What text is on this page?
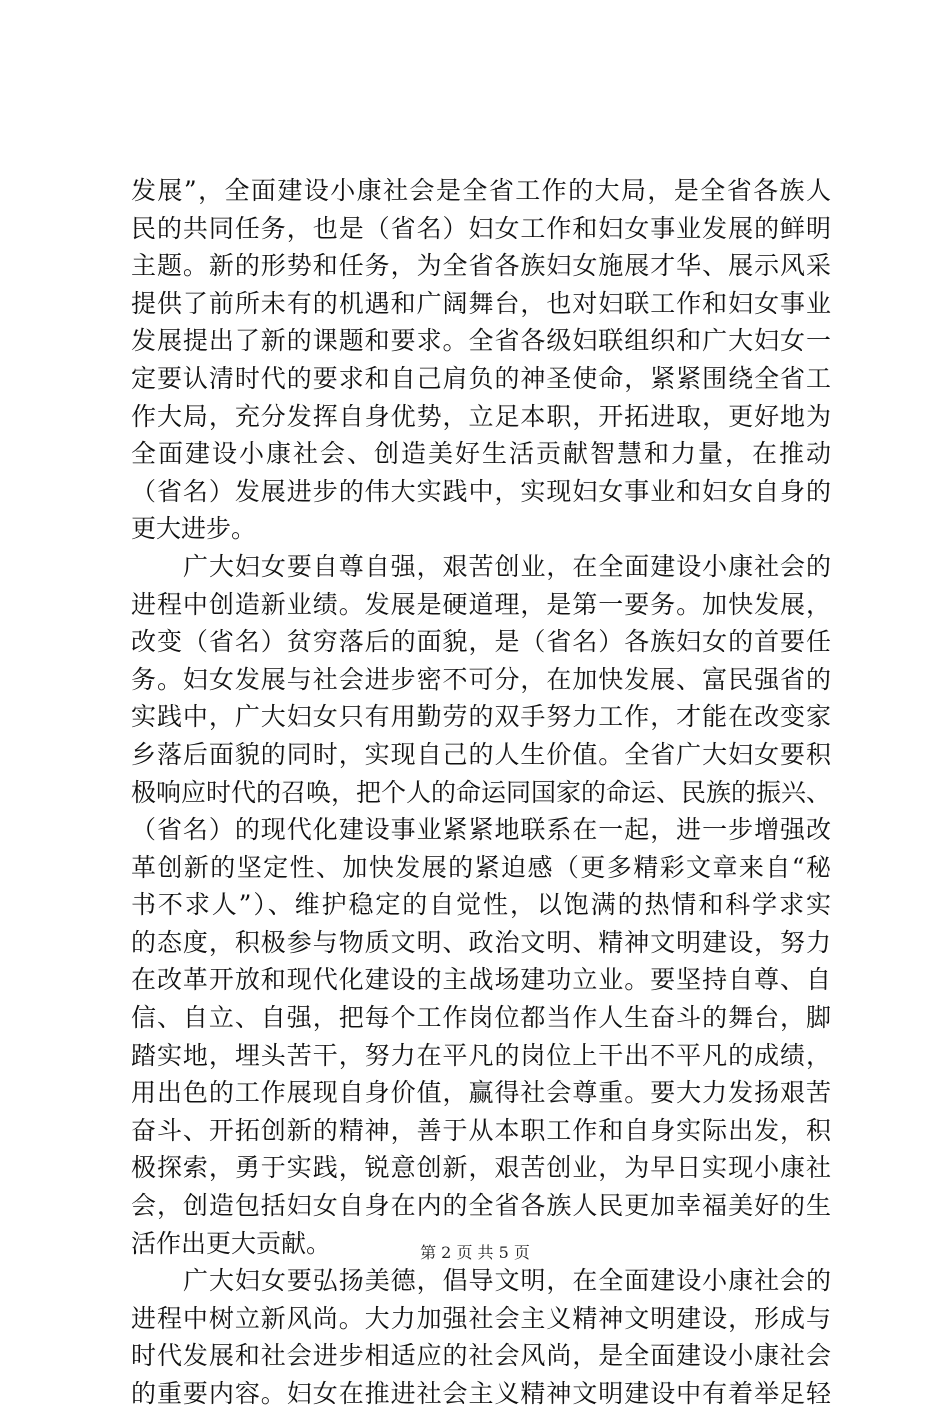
发展”，全面建设小康社会是全省工作的大局，是全省各族人
民的共同任务，也是（省名）妇女工作和妇女事业发展的鲜明
主题。新的形势和任务，为全省各族妇女施展才华、展示风采
提供了前所未有的机遇和广阔舞台，也对妇联工作和妇女事业
发展提出了新的课题和要求。全省各级妇联组织和广大妇女一
定要认清时代的要求和自己肩负的神圣使命，紧紧围绕全省工
作大局，充分发挥自身优势，立足本职，开拓进取，更好地为
全面建设小康社会、创造美好生活贡献智慧和力量，在推动
（省名）发展进步的伟大实践中，实现妇女事业和妇女自身的
更大进步。
广大妇女要自尊自强，艰苦创业，在全面建设小康社会的
进程中创造新业绩。发展是硬道理，是第一要务。加快发展，
改变（省名）贫穷落后的面貌，是（省名）各族妇女的首要任
务。妇女发展与社会进步密不可分，在加快发展、富民强省的
实践中，广大妇女只有用勤劳的双手努力工作，才能在改变家
乡落后面貌的同时，实现自己的人生价值。全省广大妇女要积
极响应时代的召唤，把个人的命运同国家的命运、民族的振兴、
（省名）的现代化建设事业紧紧地联系在一起，进一步增强改
革创新的坚定性、加快发展的紧迫感（更多精彩文章来自“秘
书不求人”）、维护稳定的自觉性，以饱满的热情和科学求实
的态度，积极参与物质文明、政治文明、精神文明建设，努力
在改革开放和现代化建设的主战场建功立业。要坚持自尊、自
信、自立、自强，把每个工作岗位都当作人生奋斗的舞台，脚
踏实地，埋头苦干，努力在平凡的岗位上干出不平凡的成绩，
用出色的工作展现自身价值，赢得社会尊重。要大力发扬艰苦
奋斗、开拓创新的精神，善于从本职工作和自身实际出发，积
极探索，勇于实践，锐意创新，艰苦创业，为早日实现小康社
会，创造包括妇女自身在内的全省各族人民更加幸福美好的生
活作出更大贡献。
广大妇女要弘扬美德，倡导文明，在全面建设小康社会的
进程中树立新风尚。大力加强社会主义精神文明建设，形成与
时代发展和社会进步相适应的社会风尚，是全面建设小康社会
的重要内容。妇女在推进社会主义精神文明建设中有着举足轻
第 2 页 共 5 页
